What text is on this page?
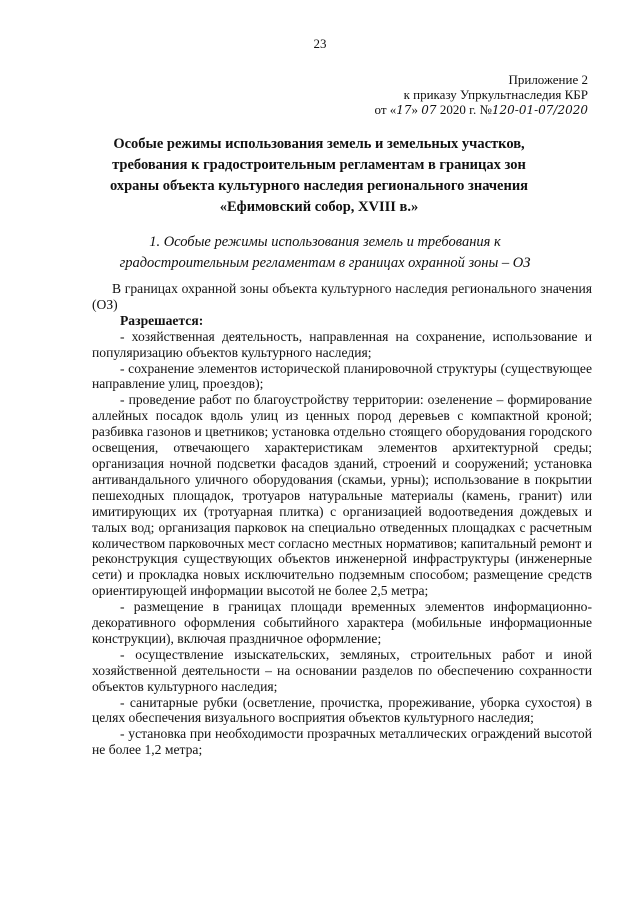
23
Приложение 2
к приказу Упркультнаследия КБР
от «17» 07 2020 г. №120-01-07/2020
Особые режимы использования земель и земельных участков, требования к градостроительным регламентам в границах зон охраны объекта культурного наследия регионального значения «Ефимовский собор, XVIII в.»
1. Особые режимы использования земель и требования к градостроительным регламентам в границах охранной зоны – ОЗ

В границах охранной зоны объекта культурного наследия регионального значения (ОЗ)

Разрешается:

- хозяйственная деятельность, направленная на сохранение, использование и популяризацию объектов культурного наследия;

- сохранение элементов исторической планировочной структуры (существующее направление улиц, проездов);

- проведение работ по благоустройству территории: озеленение – формирование аллейных посадок вдоль улиц из ценных пород деревьев с компактной кроной; разбивка газонов и цветников; установка отдельно стоящего оборудования городского освещения, отвечающего характеристикам элементов архитектурной среды; организация ночной подсветки фасадов зданий, строений и сооружений; установка антивандального уличного оборудования (скамьи, урны); использование в покрытии пешеходных площадок, тротуаров натуральные материалы (камень, гранит) или имитирующих их (тротуарная плитка) с организацией водоотведения дождевых и талых вод; организация парковок на специально отведенных площадках с расчетным количеством парковочных мест согласно местных нормативов; капитальный ремонт и реконструкция существующих объектов инженерной инфраструктуры (инженерные сети) и прокладка новых исключительно подземным способом; размещение средств ориентирующей информации высотой не более 2,5 метра;

- размещение в границах площади временных элементов информационно-декоративного оформления событийного характера (мобильные информационные конструкции), включая праздничное оформление;

- осуществление изыскательских, земляных, строительных работ и иной хозяйственной деятельности – на основании разделов по обеспечению сохранности объектов культурного наследия;

- санитарные рубки (осветление, прочистка, прореживание, уборка сухостоя) в целях обеспечения визуального восприятия объектов культурного наследия;

- установка при необходимости прозрачных металлических ограждений высотой не более 1,2 метра;
